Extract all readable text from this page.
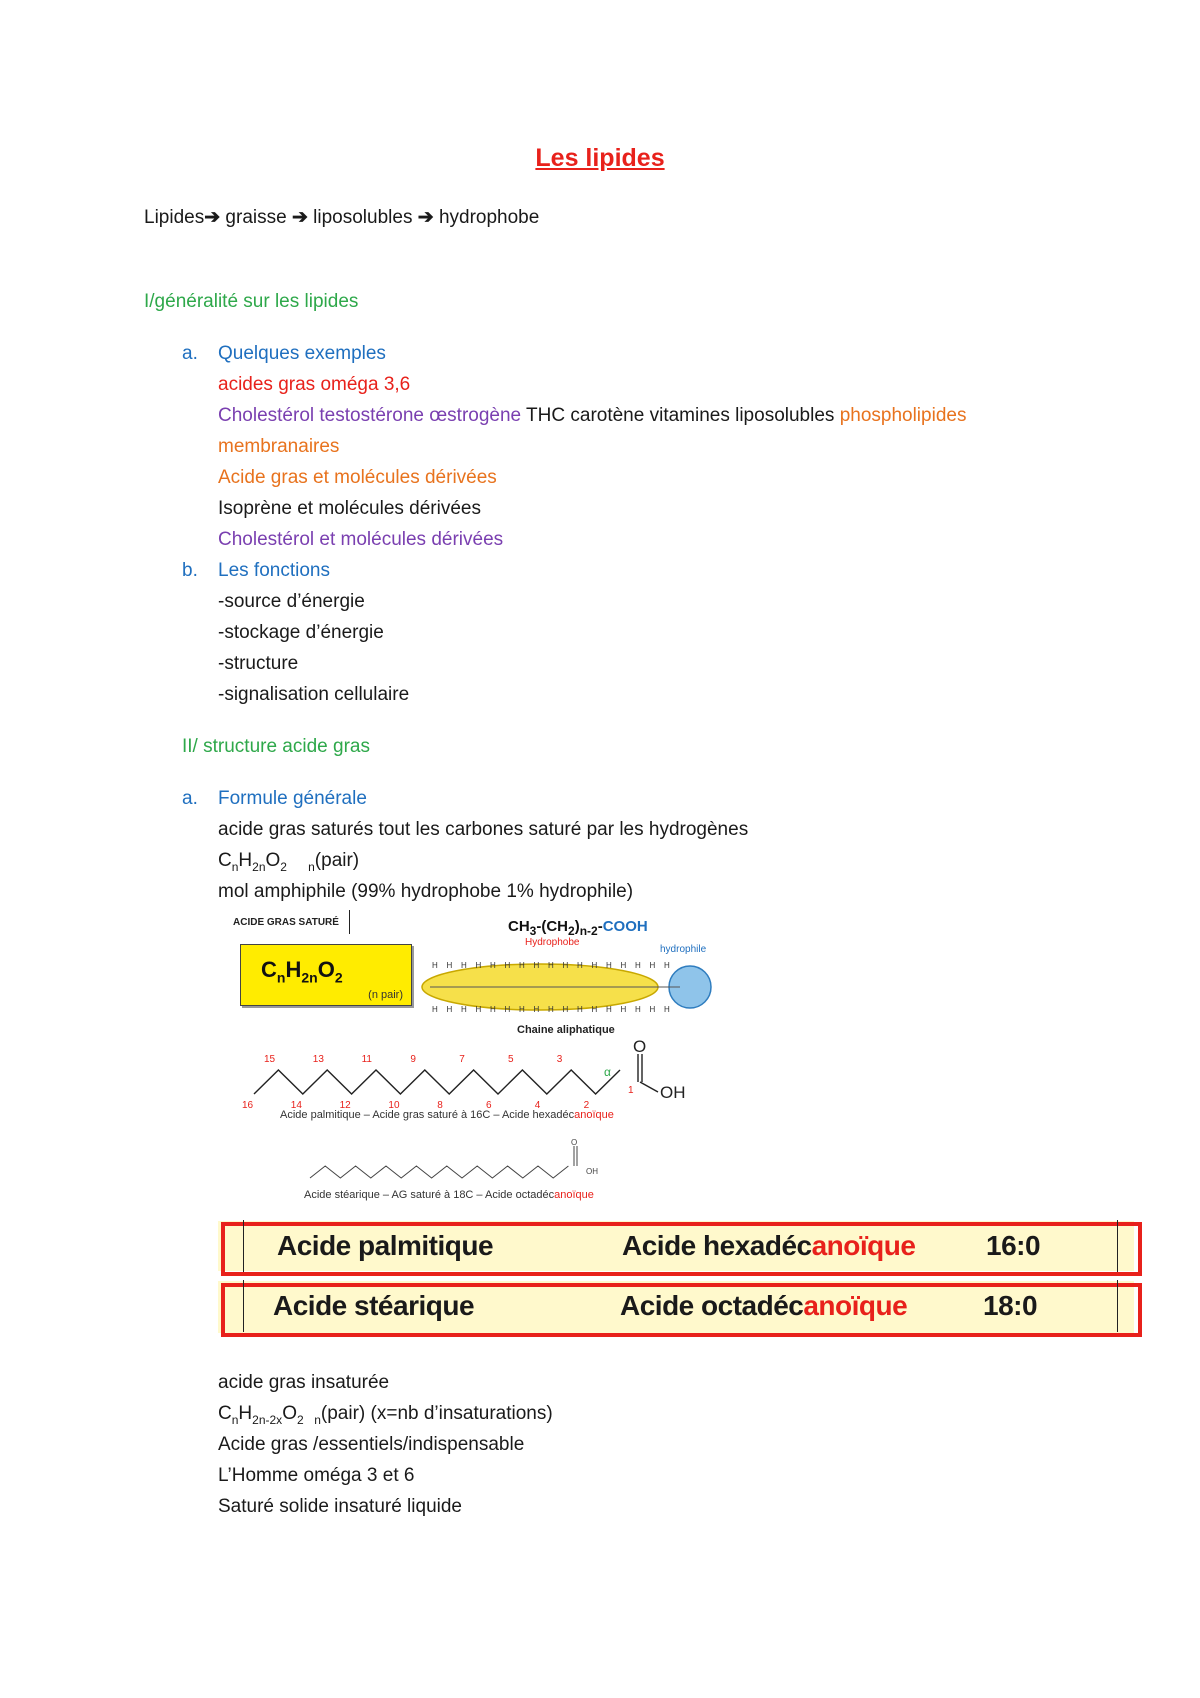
Les lipides
Lipides➔ graisse ➔ liposolubles ➔ hydrophobe
I/généralité sur les lipides
a. Quelques exemples
acides gras oméga 3,6
Cholestérol testostérone œstrogène THC carotène vitamines liposolubles phospholipides
membranaires
Acide gras et molécules dérivées
Isoprène et molécules dérivées
Cholestérol et molécules dérivées
b. Les fonctions
-source d’énergie
-stockage d’énergie
-structure
-signalisation cellulaire
II/ structure acide gras
a. Formule générale
acide gras saturés tout les carbones saturé par les hydrogènes
$C_nH_{2n}O_2$ $_n$(pair)
mol amphiphile (99% hydrophobe 1% hydrophile)
ACIDE GRAS SATURÉ
$C_nH_{2n}O_2$
(n pair)
$CH_3-(CH_2)_{n-2}$-COOH
Hydrophobe
hydrophile
H
H
H
H
H
H
H
H
H
H
H
H
H
H
H
H
H
H
H
H
H
H
H
H
H
H
H
H
H
H
H
H
H
H
Chaine aliphatique
O
OH
α
1
15	13	11	9	7	5	3
16	14	12	10	8	6	4	2
Acide palmitique – Acide gras saturé à 16C – Acide hexadécanoïque
O
OH
Acide stéarique – AG saturé à 18C – Acide octadécanoïque
Acide palmitique	Acide hexadécanoïque	16:0
Acide stéarique	Acide octadécanoïque	18:0
acide gras insaturée
$C_nH_{2n-2x}O_2$ $_n$(pair) (x=nb d’insaturations)
Acide gras /essentiels/indispensable
L’Homme oméga 3 et 6
Saturé solide insaturé liquide
